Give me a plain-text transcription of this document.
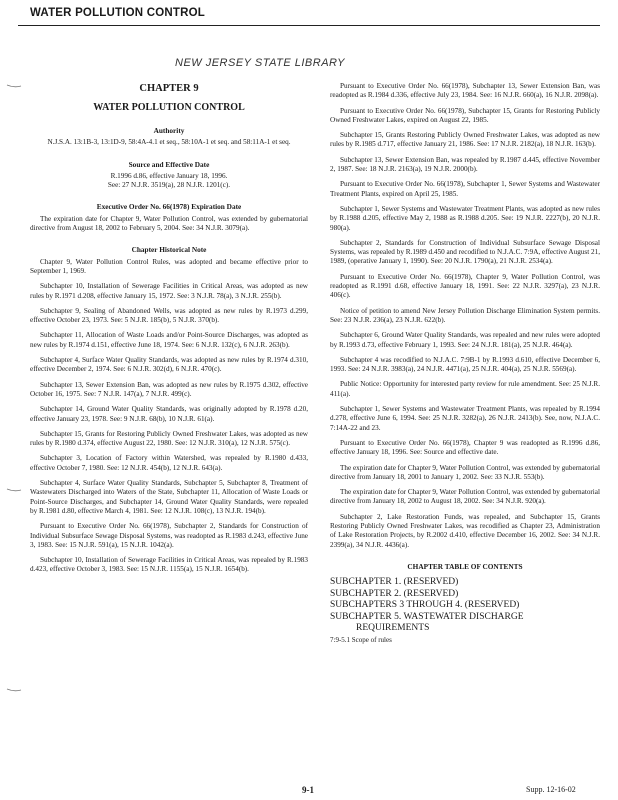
WATER POLLUTION CONTROL
NEW JERSEY STATE LIBRARY
CHAPTER 9
WATER POLLUTION CONTROL
Authority

N.J.S.A. 13:1B-3, 13:1D-9, 58:4A-4.1 et seq., 58:10A-1 et seq. and 58:11A-1 et seq.

Source and Effective Date
R.1996 d.86, effective January 18, 1996.

See: 27 N.J.R. 3519(a), 28 N.J.R. 1201(c).

Executive Order No. 66(1978) Expiration Date

The expiration date for Chapter 9, Water Pollution Control, was extended by gubernatorial directive from August 18, 2002 to February 5, 2004. See: 34 N.J.R. 3079(a).

Chapter Historical Note

Chapter 9, Water Pollution Control Rules, was adopted and became effective prior to September 1, 1969.

Subchapter 10, Installation of Sewerage Facilities in Critical Areas, was adopted as new rules by R.1971 d.208, effective January 15, 1972. See: 3 N.J.R. 78(a), 3 N.J.R. 255(b).

Subchapter 9, Sealing of Abandoned Wells, was adopted as new rules by R.1973 d.299, effective October 23, 1973. See: 5 N.J.R. 185(b), 5 N.J.R. 370(b).

Subchapter 11, Allocation of Waste Loads and/or Point-Source Discharges, was adopted as new rules by R.1974 d.151, effective June 18, 1974. See: 6 N.J.R. 132(c), 6 N.J.R. 263(b).

Subchapter 4, Surface Water Quality Standards, was adopted as new rules by R.1974 d.310, effective December 2, 1974. See: 6 N.J.R. 302(d), 6 N.J.R. 470(c).

Subchapter 13, Sewer Extension Ban, was adopted as new rules by R.1975 d.302, effective October 16, 1975. See: 7 N.J.R. 147(a), 7 N.J.R. 499(c).

Subchapter 14, Ground Water Quality Standards, was originally adopted by R.1978 d.20, effective January 23, 1978. See: 9 N.J.R. 68(b), 10 N.J.R. 61(a).

Subchapter 15, Grants for Restoring Publicly Owned Freshwater Lakes, was adopted as new rules by R.1980 d.374, effective August 22, 1980. See: 12 N.J.R. 310(a), 12 N.J.R. 575(c).

Subchapter 3, Location of Factory within Watershed, was repealed by R.1980 d.433, effective October 7, 1980. See: 12 N.J.R. 454(b), 12 N.J.R. 643(a).

Subchapter 4, Surface Water Quality Standards, Subchapter 5, Subchapter 8, Treatment of Wastewaters Discharged into Waters of the State, Subchapter 11, Allocation of Waste Loads or Point-Source Discharges, and Subchapter 14, Ground Water Quality Standards, were repealed by R.1981 d.80, effective March 4, 1981. See: 12 N.J.R. 108(c), 13 N.J.R. 194(b).

Pursuant to Executive Order No. 66(1978), Subchapter 2, Standards for Construction of Individual Subsurface Sewage Disposal Systems, was readopted as R.1983 d.243, effective June 3, 1983. See: 15 N.J.R. 591(a), 15 N.J.R. 1042(a).

Subchapter 10, Installation of Sewerage Facilities in Critical Areas, was repealed by R.1983 d.423, effective October 3, 1983. See: 15 N.J.R. 1155(a), 15 N.J.R. 1654(b).

Pursuant to Executive Order No. 66(1978), Subchapter 13, Sewer Extension Ban, was readopted as R.1984 d.336, effective July 23, 1984. See: 16 N.J.R. 660(a), 16 N.J.R. 2098(a).

Pursuant to Executive Order No. 66(1978), Subchapter 15, Grants for Restoring Publicly Owned Freshwater Lakes, expired on August 22, 1985.

Subchapter 15, Grants Restoring Publicly Owned Freshwater Lakes, was adopted as new rules by R.1985 d.717, effective January 21, 1986. See: 17 N.J.R. 2182(a), 18 N.J.R. 163(b).

Subchapter 13, Sewer Extension Ban, was repealed by R.1987 d.445, effective November 2, 1987. See: 18 N.J.R. 2163(a), 19 N.J.R. 2000(b).

Pursuant to Executive Order No. 66(1978), Subchapter 1, Sewer Systems and Wastewater Treatment Plants, expired on April 25, 1985.

Subchapter 1, Sewer Systems and Wastewater Treatment Plants, was adopted as new rules by R.1988 d.205, effective May 2, 1988 as R.1988 d.205. See: 19 N.J.R. 2227(b), 20 N.J.R. 980(a).

Subchapter 2, Standards for Construction of Individual Subsurface Sewage Disposal Systems, was repealed by R.1989 d.450 and recodified to N.J.A.C. 7:9A, effective August 21, 1989, (operative January 1, 1990). See: 20 N.J.R. 1790(a), 21 N.J.R. 2534(a).

Pursuant to Executive Order No. 66(1978), Chapter 9, Water Pollution Control, was readopted as R.1991 d.68, effective January 18, 1991. See: 22 N.J.R. 3297(a), 23 N.J.R. 406(c).

Notice of petition to amend New Jersey Pollution Discharge Elimination System permits. See: 23 N.J.R. 236(a), 23 N.J.R. 622(b).

Subchapter 6, Ground Water Quality Standards, was repealed and new rules were adopted by R.1993 d.73, effective February 1, 1993. See: 24 N.J.R. 181(a), 25 N.J.R. 464(a).

Subchapter 4 was recodified to N.J.A.C. 7:9B-1 by R.1993 d.610, effective December 6, 1993. See: 24 N.J.R. 3983(a), 24 N.J.R. 4471(a), 25 N.J.R. 404(a), 25 N.J.R. 5569(a).

Public Notice: Opportunity for interested party review for rule amendment. See: 25 N.J.R. 411(a).

Subchapter 1, Sewer Systems and Wastewater Treatment Plants, was repealed by R.1994 d.278, effective June 6, 1994. See: 25 N.J.R. 3282(a), 26 N.J.R. 2413(b). See, now, N.J.A.C. 7:14A-22 and 23.

Pursuant to Executive Order No. 66(1978), Chapter 9 was readopted as R.1996 d.86, effective January 18, 1996. See: Source and effective date.

The expiration date for Chapter 9, Water Pollution Control, was extended by gubernatorial directive from January 18, 2001 to January 1, 2002. See: 33 N.J.R. 553(b).

The expiration date for Chapter 9, Water Pollution Control, was extended by gubernatorial directive from January 18, 2002 to August 18, 2002. See: 34 N.J.R. 920(a).

Subchapter 2, Lake Restoration Funds, was repealed, and Subchapter 15, Grants Restoring Publicly Owned Freshwater Lakes, was recodified as Chapter 23, Administration of Lake Restoration Projects, by R.2002 d.410, effective December 16, 2002. See: 34 N.J.R. 2399(a), 34 N.J.R. 4436(a).

CHAPTER TABLE OF CONTENTS
SUBCHAPTER 1. (RESERVED)
SUBCHAPTER 2. (RESERVED)
SUBCHAPTERS 3 THROUGH 4. (RESERVED)
SUBCHAPTER 5. WASTEWATER DISCHARGE
REQUIREMENTS
7:9-5.1 Scope of rules
9-1	Supp. 12-16-02
